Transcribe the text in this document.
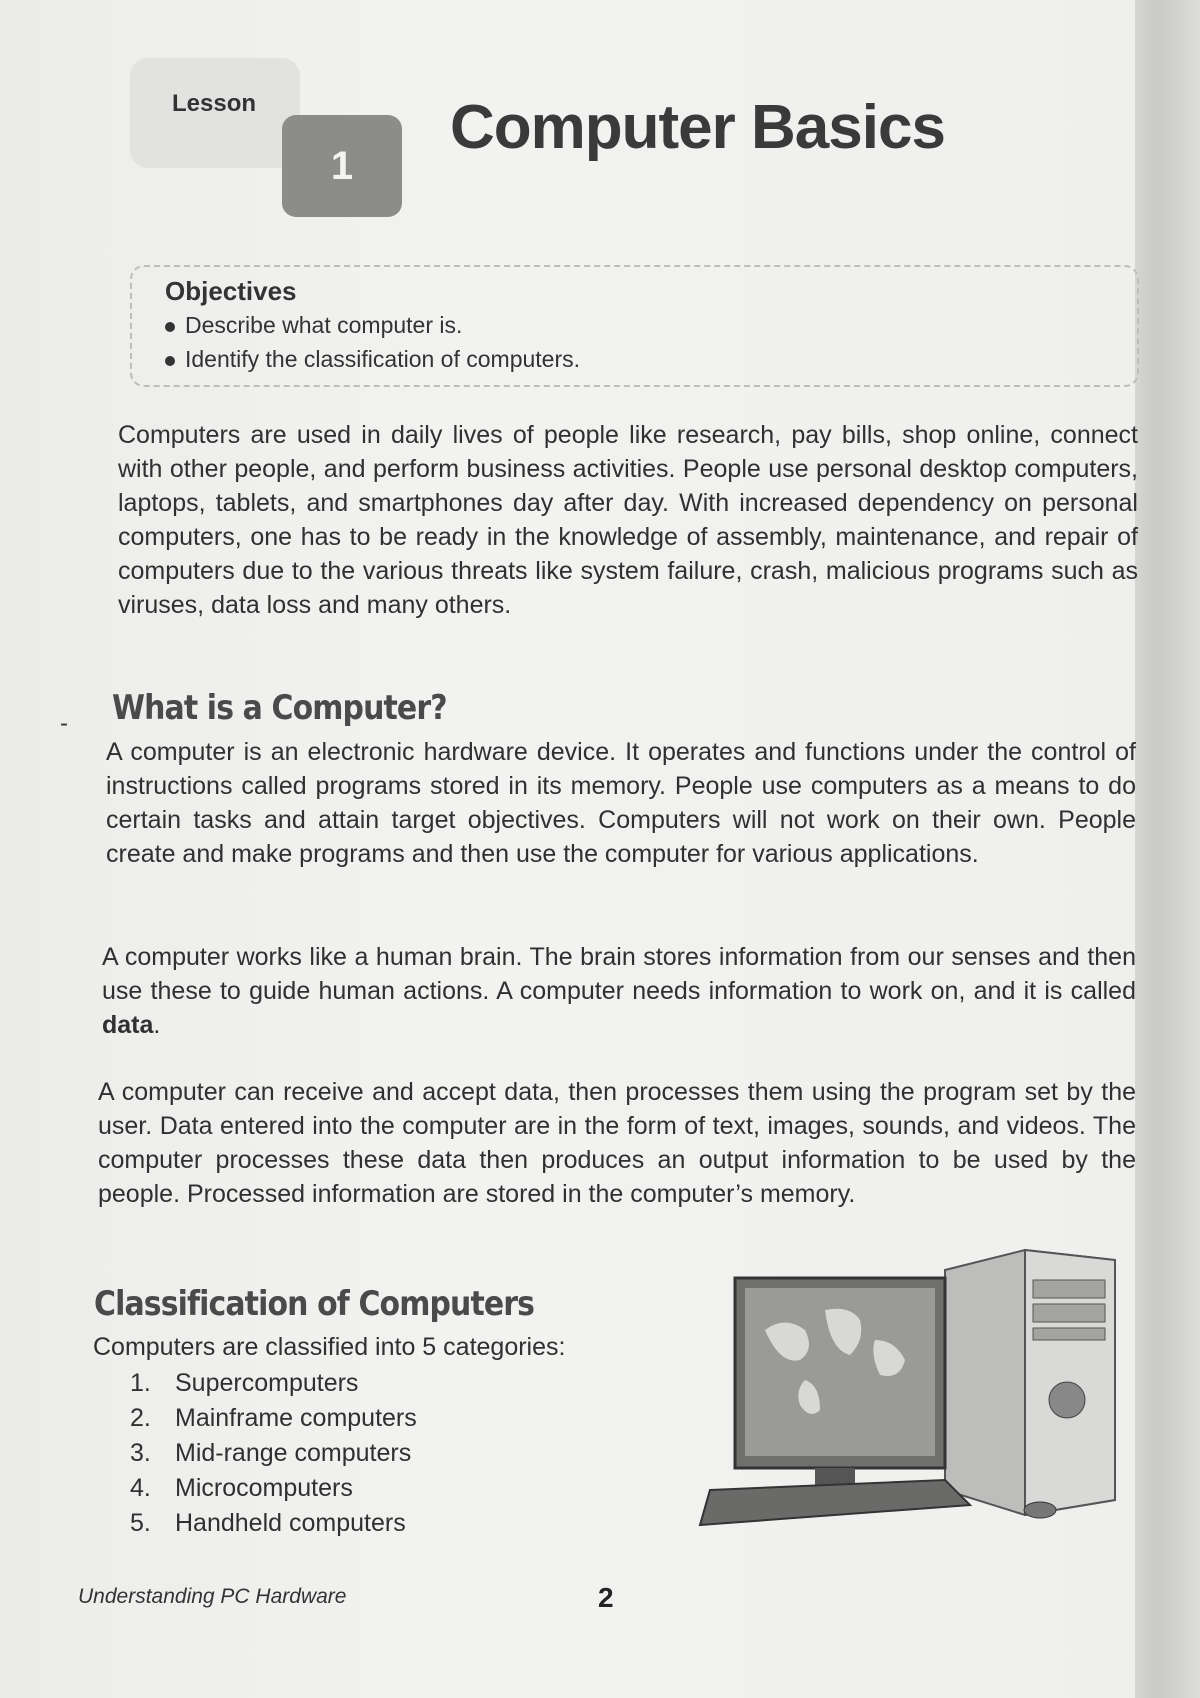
Lesson
1
Computer Basics
Objectives
Describe what computer is.
Identify the classification of computers.

Computers are used in daily lives of people like research, pay bills, shop online, connect with other people, and perform business activities. People use personal desktop computers, laptops, tablets, and smartphones day after day. With increased dependency on personal computers, one has to be ready in the knowledge of assembly, maintenance, and repair of computers due to the various threats like system failure, crash, malicious programs such as viruses, data loss and many others.

- What is a Computer?

A computer is an electronic hardware device. It operates and functions under the control of instructions called programs stored in its memory. People use computers as a means to do certain tasks and attain target objectives. Computers will not work on their own. People create and make programs and then use the computer for various applications.

A computer works like a human brain. The brain stores information from our senses and then use these to guide human actions. A computer needs information to work on, and it is called data.

A computer can receive and accept data, then processes them using the program set by the user. Data entered into the computer are in the form of text, images, sounds, and videos. The computer processes these data then produces an output information to be used by the people. Processed information are stored in the computer’s memory.

Classification of Computers
Computers are classified into 5 categories:
1. Supercomputers
2. Mainframe computers
3. Mid-range computers
4. Microcomputers
5. Handheld computers
Understanding PC Hardware	2
